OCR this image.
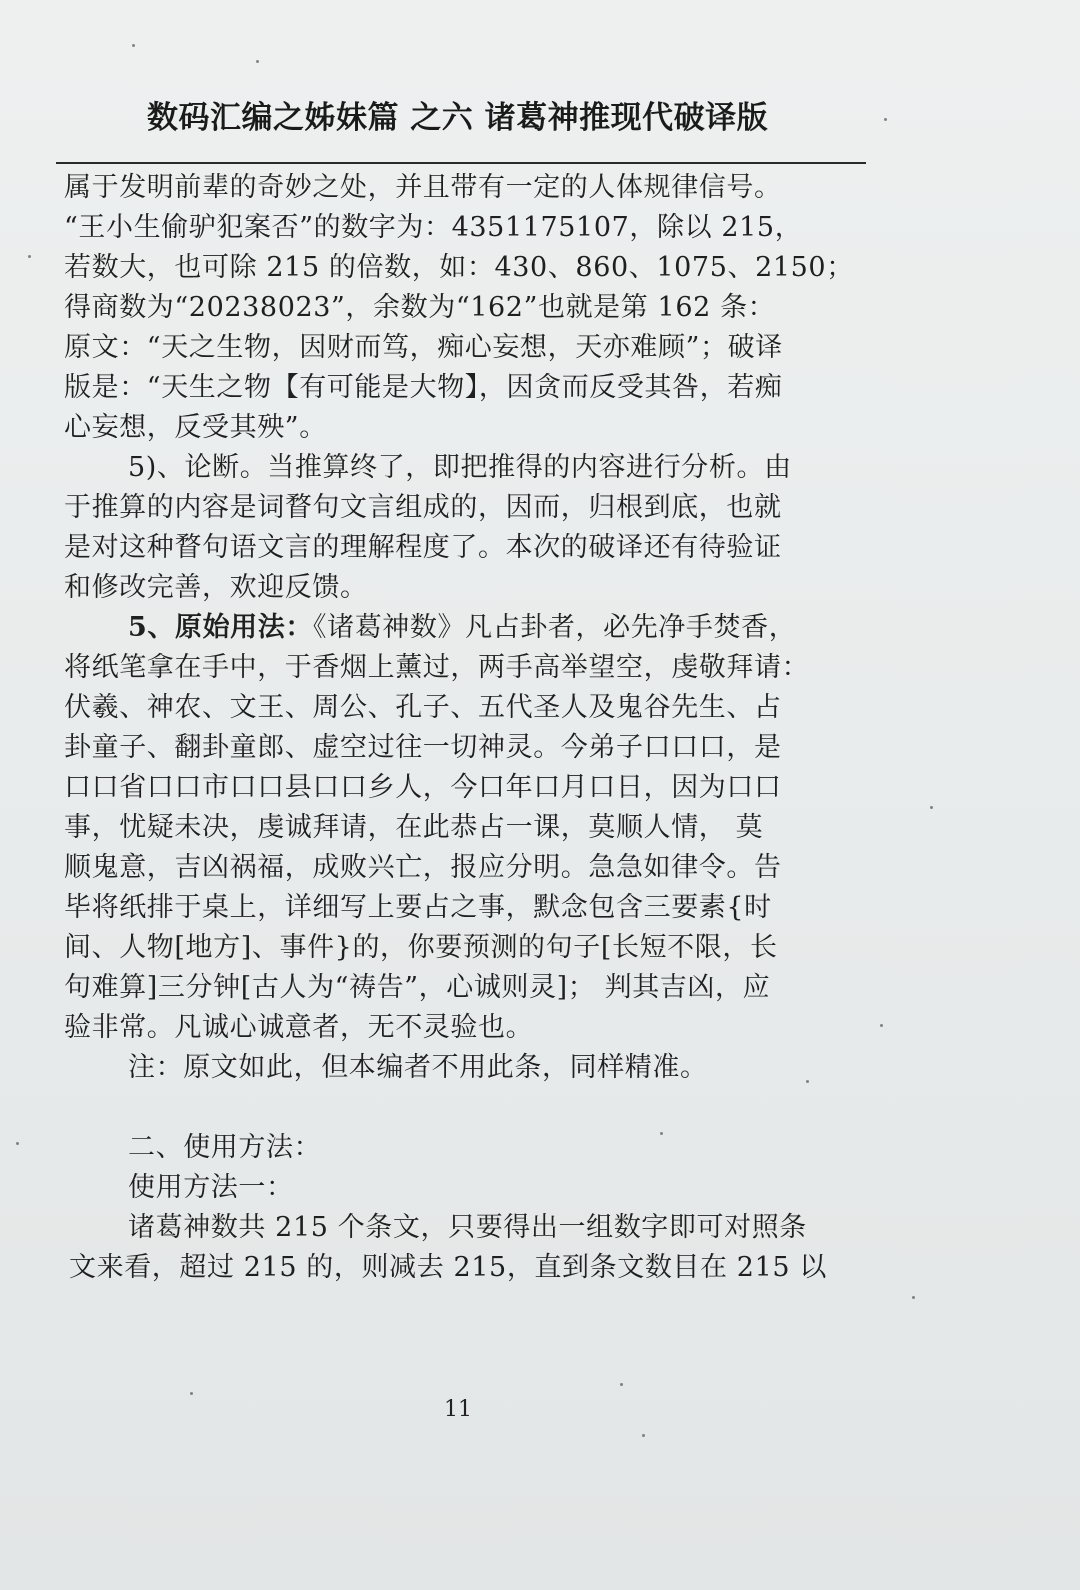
数码汇编之姊妹篇 之六 诸葛神推现代破译版
属于发明前辈的奇妙之处，并且带有一定的人体规律信号。
“王小生偷驴犯案否”的数字为：4351175107，除以 215，
若数大，也可除 215 的倍数，如：430、860、1075、2150；
得商数为“20238023”，余数为“162”也就是第 162 条：
原文：“天之生物，因财而笃，痴心妄想，天亦难顾”；破译
版是：“天生之物【有可能是大物】，因贪而反受其咎，若痴
心妄想，反受其殃”。
5)、论断。当推算终了，即把推得的内容进行分析。由
于推算的内容是词瞀句文言组成的，因而，归根到底，也就
是对这种瞀句语文言的理解程度了。本次的破译还有待验证
和修改完善，欢迎反馈。
5、原始用法：《诸葛神数》凡占卦者，必先净手焚香，
将纸笔拿在手中，于香烟上薰过，两手高举望空，虔敬拜请：
伏羲、神农、文王、周公、孔子、五代圣人及鬼谷先生、占
卦童子、翻卦童郎、虚空过往一切神灵。今弟子口口口，是
口口省口口市口口县口口乡人，今口年口月口日，因为口口
事，忧疑未决，虔诚拜请，在此恭占一课，莫顺人情， 莫
顺鬼意，吉凶祸福，成败兴亡，报应分明。急急如律令。告
毕将纸排于桌上，详细写上要占之事，默念包含三要素{时
间、人物[地方]、事件}的，你要预测的句子[长短不限，长
句难算]三分钟[古人为“祷告”，心诚则灵]； 判其吉凶，应
验非常。凡诚心诚意者，无不灵验也。
注：原文如此，但本编者不用此条，同样精准。
二、使用方法：
使用方法一：
诸葛神数共 215 个条文，只要得出一组数字即可对照条
文来看，超过 215 的，则减去 215，直到条文数目在 215 以
11
